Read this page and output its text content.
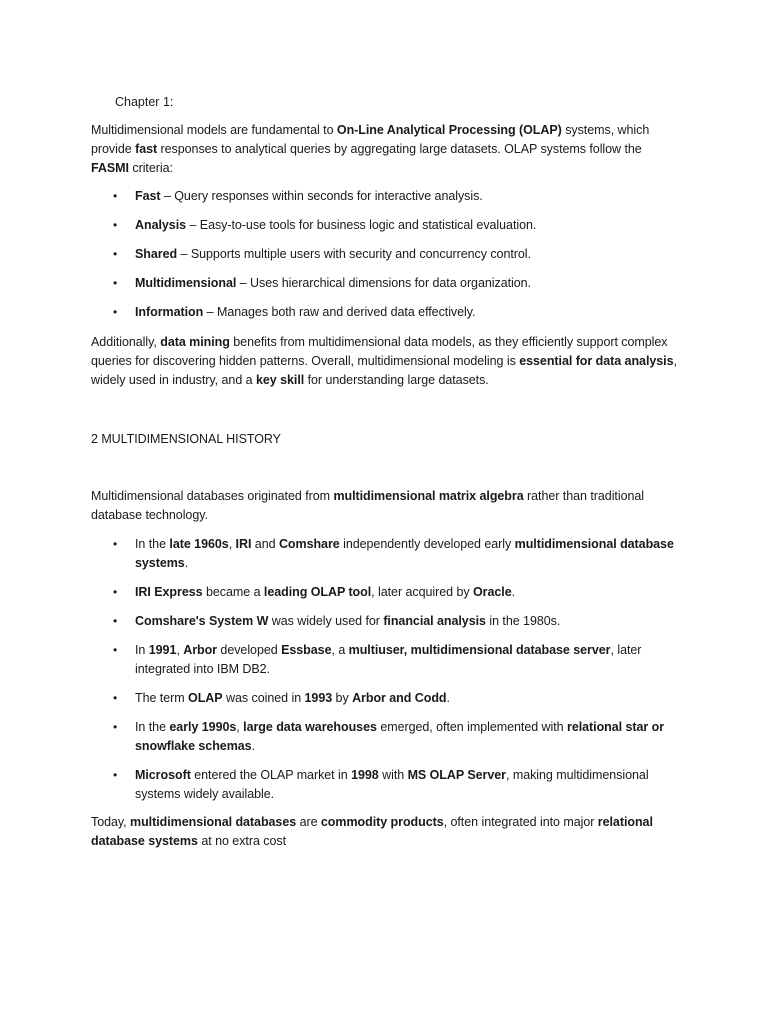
Chapter 1:

Multidimensional models are fundamental to On-Line Analytical Processing (OLAP) systems, which provide fast responses to analytical queries by aggregating large datasets. OLAP systems follow the FASMI criteria:

• Fast – Query responses within seconds for interactive analysis.
• Analysis – Easy-to-use tools for business logic and statistical evaluation.
• Shared – Supports multiple users with security and concurrency control.
• Multidimensional – Uses hierarchical dimensions for data organization.
• Information – Manages both raw and derived data effectively.

Additionally, data mining benefits from multidimensional data models, as they efficiently support complex queries for discovering hidden patterns. Overall, multidimensional modeling is essential for data analysis, widely used in industry, and a key skill for understanding large datasets.

2 MULTIDIMENSIONAL HISTORY

Multidimensional databases originated from multidimensional matrix algebra rather than traditional database technology.

• In the late 1960s, IRI and Comshare independently developed early multidimensional database systems.
• IRI Express became a leading OLAP tool, later acquired by Oracle.
• Comshare's System W was widely used for financial analysis in the 1980s.
• In 1991, Arbor developed Essbase, a multiuser, multidimensional database server, later integrated into IBM DB2.
• The term OLAP was coined in 1993 by Arbor and Codd.
• In the early 1990s, large data warehouses emerged, often implemented with relational star or snowflake schemas.
• Microsoft entered the OLAP market in 1998 with MS OLAP Server, making multidimensional systems widely available.

Today, multidimensional databases are commodity products, often integrated into major relational database systems at no extra cost
